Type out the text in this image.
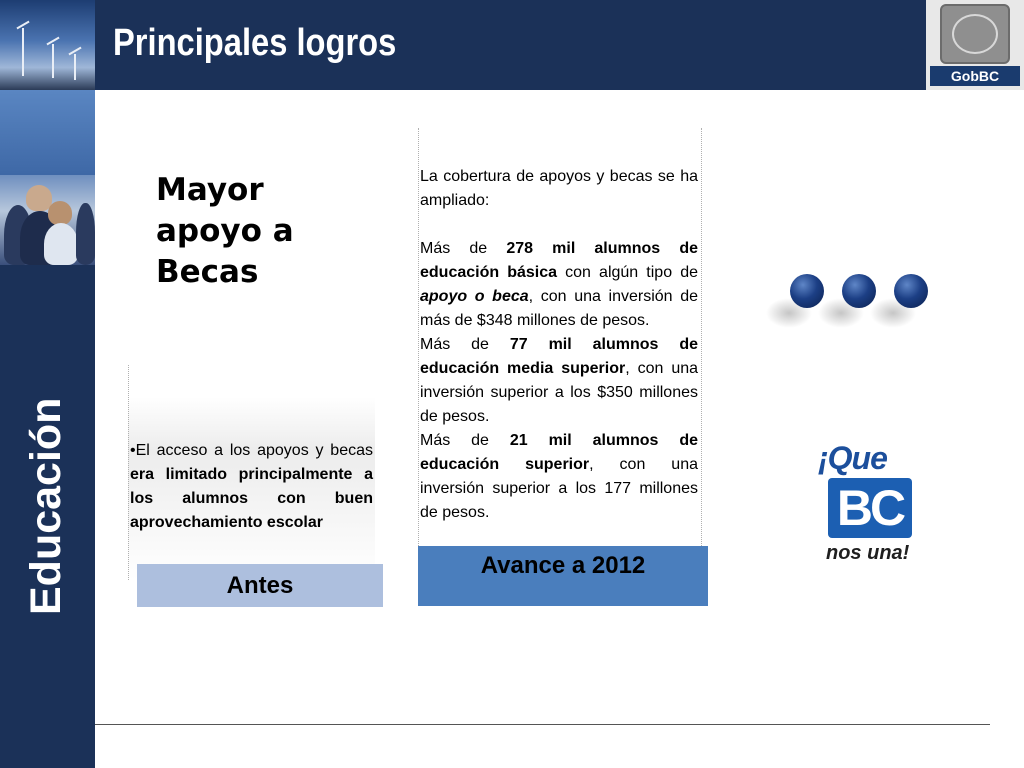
Principales logros
GobBC
Educación
Mayor
apoyo a
Becas
•El acceso a los apoyos y becas era limitado principalmente a los alumnos con buen aprovechamiento escolar
Antes

La cobertura de apoyos y becas se ha ampliado:

Más de 278 mil alumnos de educación básica con algún tipo de apoyo o beca, con una inversión de más de $348 millones de pesos.

Más de 77 mil alumnos de educación media superior, con una inversión superior a los $350 millones de pesos.

Más de 21 mil alumnos de educación superior, con una inversión superior a los 177 millones de pesos.

Avance a 2012
¡Que
BC
nos una!
